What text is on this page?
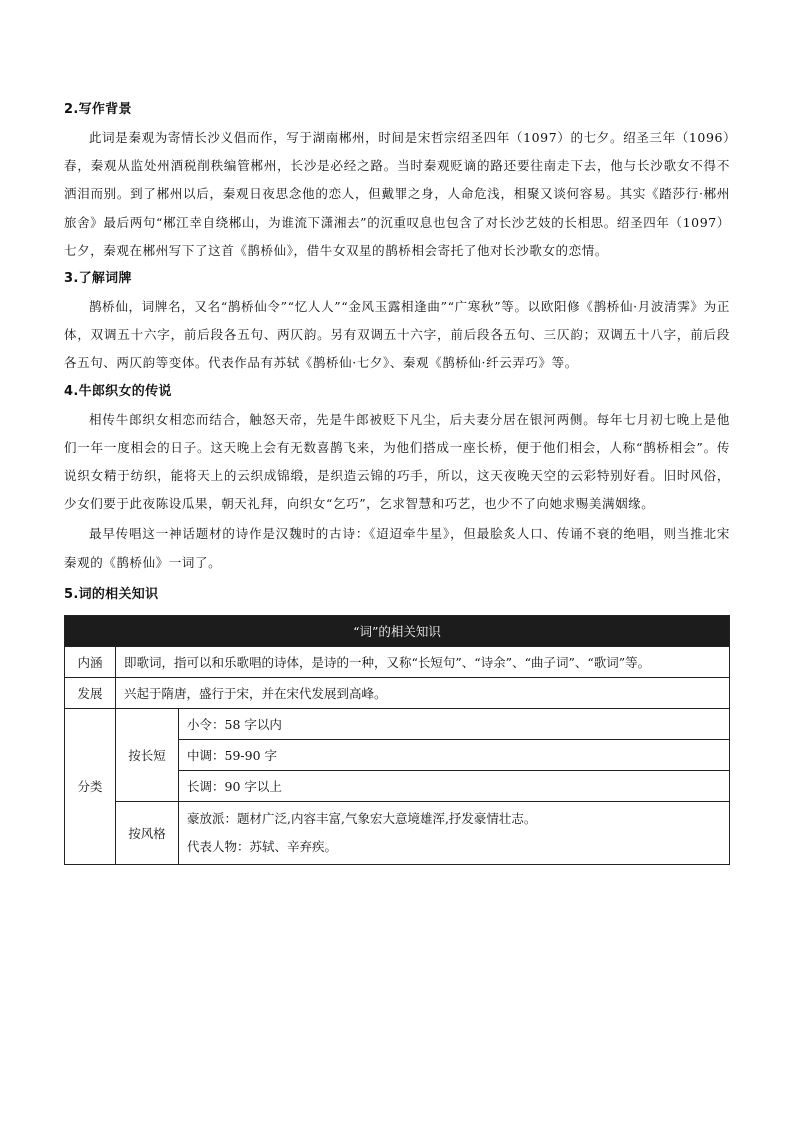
2.写作背景

此词是秦观为寄情长沙义倡而作，写于湖南郴州，时间是宋哲宗绍圣四年（1097）的七夕。绍圣三年（1096）春，秦观从监处州酒税削秩编管郴州，长沙是必经之路。当时秦观贬谪的路还要往南走下去，他与长沙歌女不得不洒泪而别。到了郴州以后，秦观日夜思念他的恋人，但戴罪之身，人命危浅，相聚又谈何容易。其实《踏莎行·郴州旅舍》最后两句“郴江幸自绕郴山，为谁流下潇湘去”的沉重叹息也包含了对长沙艺妓的长相思。绍圣四年（1097）七夕，秦观在郴州写下了这首《鹊桥仙》，借牛女双星的鹊桥相会寄托了他对长沙歌女的恋情。

3.了解词牌

鹊桥仙，词牌名，又名“鹊桥仙令”“忆人人”“金风玉露相逢曲”“广寒秋”等。以欧阳修《鹊桥仙·月波清霁》为正体，双调五十六字，前后段各五句、两仄韵。另有双调五十六字，前后段各五句、三仄韵；双调五十八字，前后段各五句、两仄韵等变体。代表作品有苏轼《鹊桥仙·七夕》、秦观《鹊桥仙·纤云弄巧》等。

4.牛郎织女的传说

相传牛郎织女相恋而结合，触怒天帝，先是牛郎被贬下凡尘，后夫妻分居在银河两侧。每年七月初七晚上是他们一年一度相会的日子。这天晚上会有无数喜鹊飞来，为他们搭成一座长桥，便于他们相会，人称“鹊桥相会”。传说织女精于纺织，能将天上的云织成锦缎，是织造云锦的巧手，所以，这天夜晚天空的云彩特别好看。旧时风俗，少女们要于此夜陈设瓜果，朝天礼拜，向织女“乞巧”，乞求智慧和巧艺，也少不了向她求赐美满姻缘。

最早传唱这一神话题材的诗作是汉魏时的古诗：《迢迢牵牛星》，但最脍炙人口、传诵不衰的绝唱，则当推北宋秦观的《鹊桥仙》一词了。

5.词的相关知识
“词”的相关知识		
内涵	即歌词，指可以和乐歌唱的诗体，是诗的一种，又称“长短句”、“诗余”、“曲子词”、“歌词”等。	
发展	兴起于隋唐，盛行于宋，并在宋代发展到高峰。	
分类	按长短	小令：58 字以内
		中调：59-90 字
		长调：90 字以上
	按风格	豪放派：题材广泛,内容丰富,气象宏大意境雄浑,抒发豪情壮志。
代表人物：苏轼、辛弃疾。
